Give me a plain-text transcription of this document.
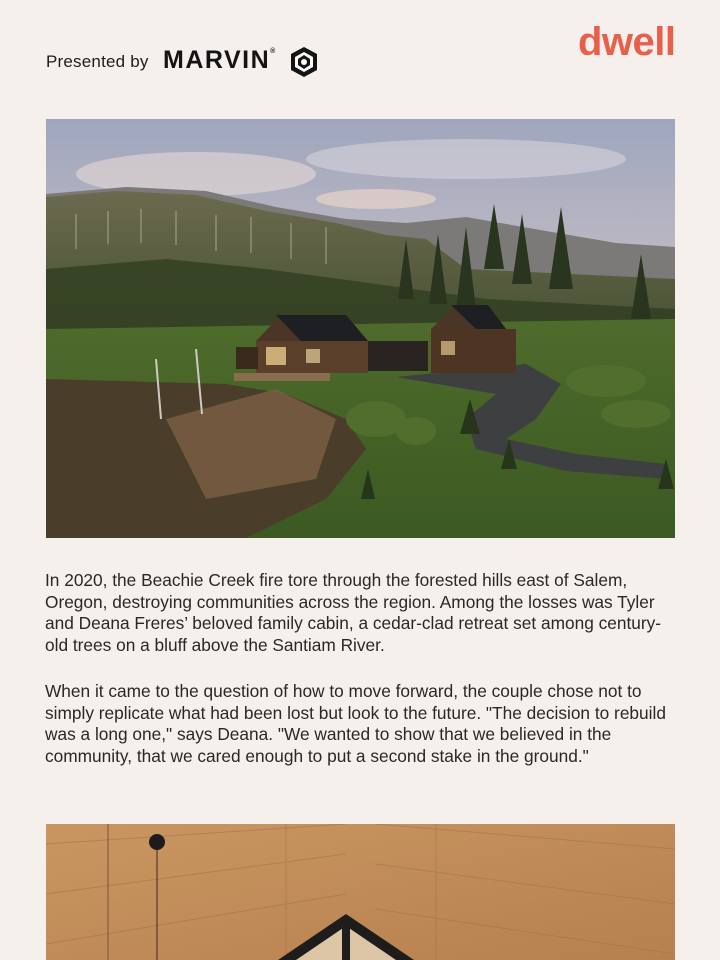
Presented by MARVIN®	dwell

In 2020, the Beachie Creek fire tore through the forested hills east of Salem, Oregon, destroying communities across the region. Among the losses was Tyler and Deana Freres’ beloved family cabin, a cedar-clad retreat set among century-old trees on a bluff above the Santiam River.

When it came to the question of how to move forward, the couple chose not to simply replicate what had been lost but look to the future. "The decision to rebuild was a long one," says Deana. "We wanted to show that we believed in the community, that we cared enough to put a second stake in the ground."
